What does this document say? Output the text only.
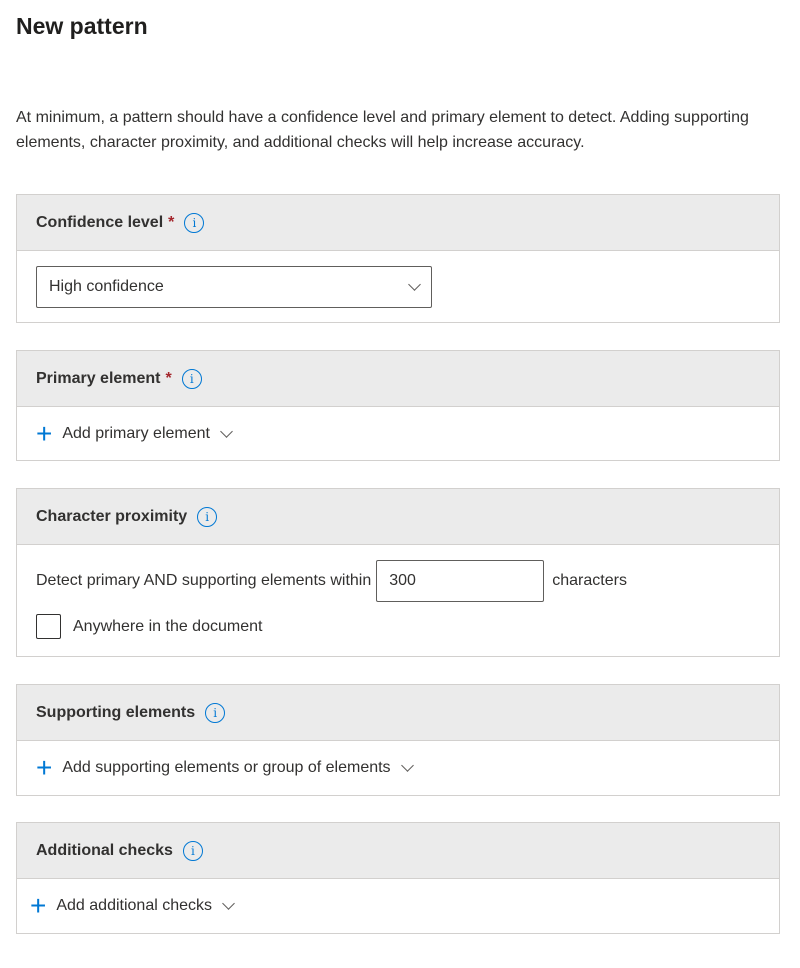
New pattern
At minimum, a pattern should have a confidence level and primary element to detect. Adding supporting elements, character proximity, and additional checks will help increase accuracy.
Confidence level *	i
High confidence
Primary element *	i
+ Add primary element
Character proximity	i
Detect primary AND supporting elements within
300	characters
Anywhere in the document
Supporting elements	i
+ Add supporting elements or group of elements
Additional checks	i
+ Add additional checks
